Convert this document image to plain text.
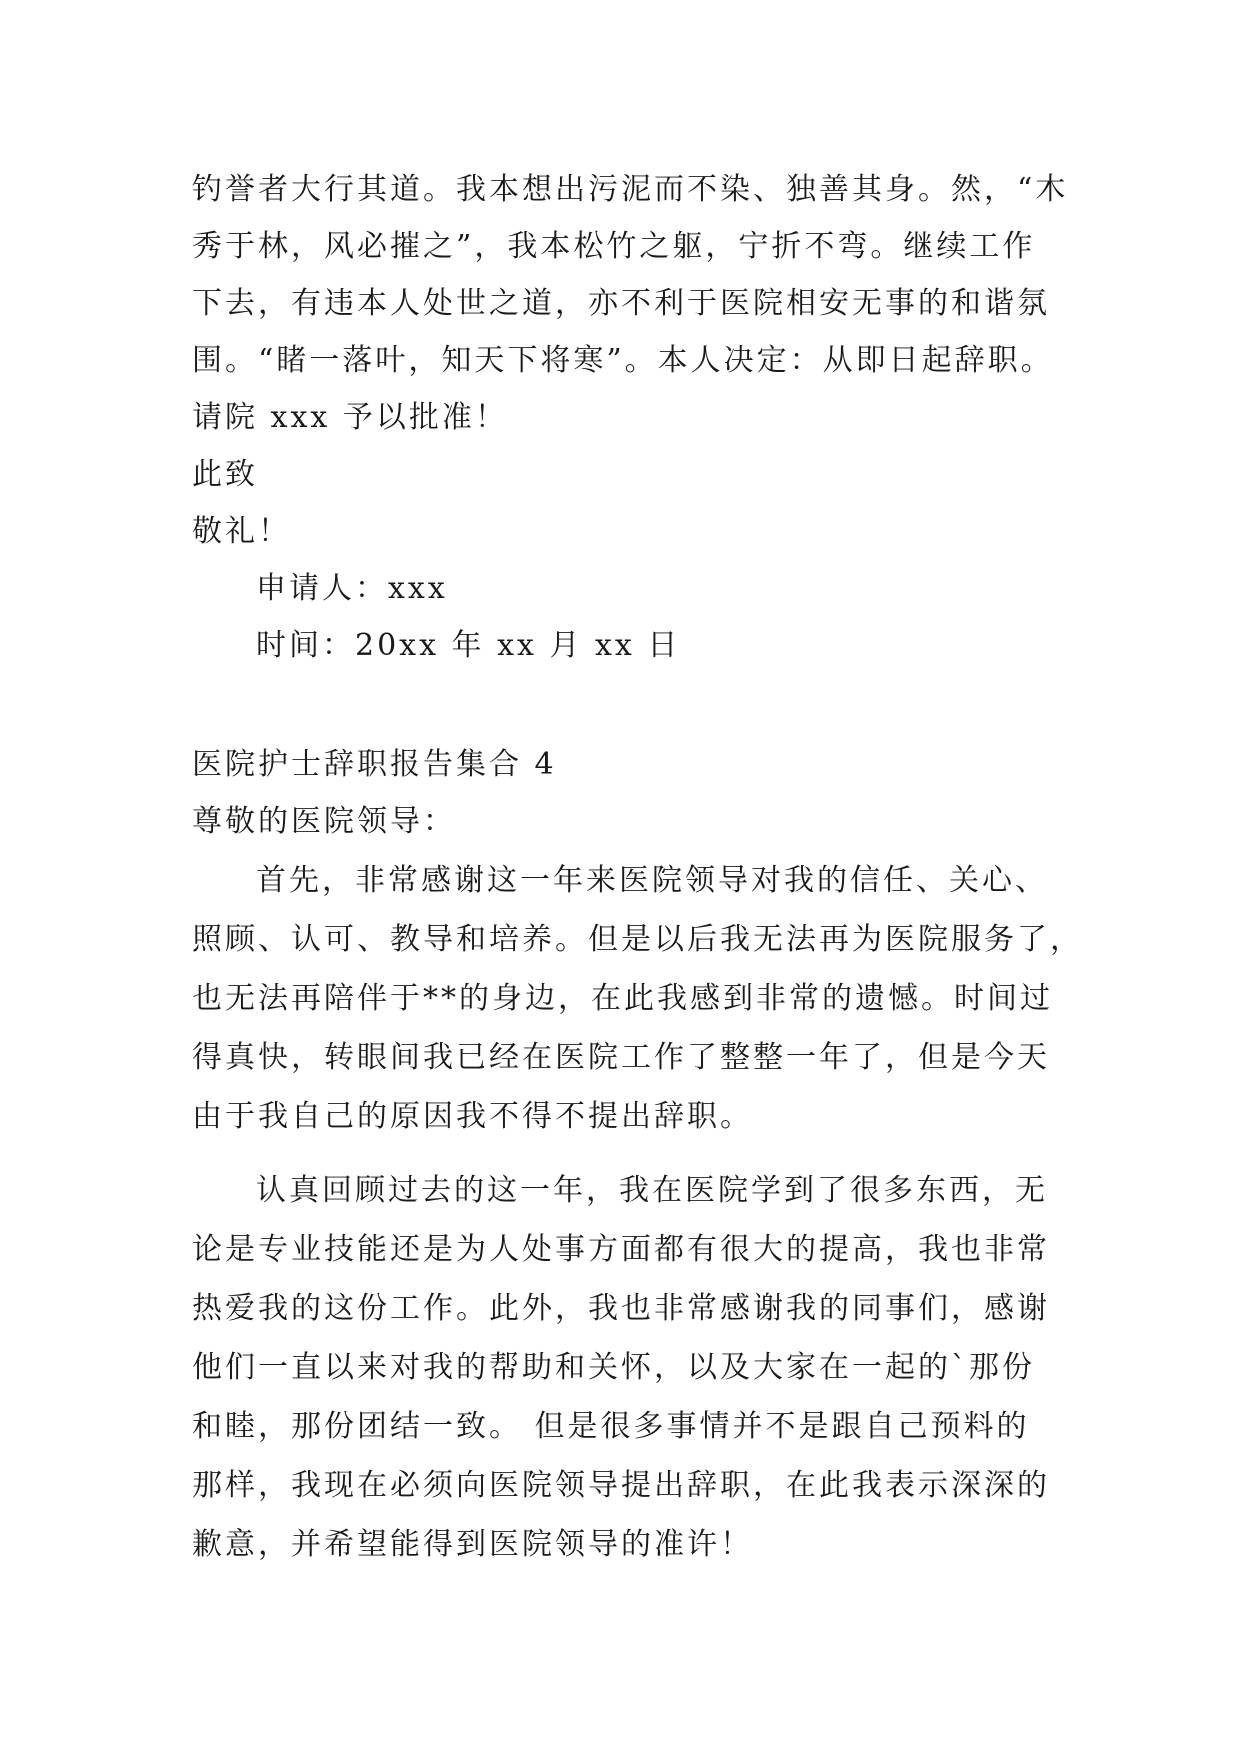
钓誉者大行其道。我本想出污泥而不染、独善其身。然，“木
秀于林，风必摧之”，我本松竹之躯，宁折不弯。继续工作
下去，有违本人处世之道，亦不利于医院相安无事的和谐氛
围。“睹一落叶，知天下将寒”。本人决定：从即日起辞职。
请院 xxx 予以批准！
此致
敬礼！
申请人：xxx
时间：20xx 年 xx 月 xx 日
医院护士辞职报告集合 4
尊敬的医院领导：
首先，非常感谢这一年来医院领导对我的信任、关心、
照顾、认可、教导和培养。但是以后我无法再为医院服务了，
也无法再陪伴于**的身边，在此我感到非常的遗憾。时间过
得真快，转眼间我已经在医院工作了整整一年了，但是今天
由于我自己的原因我不得不提出辞职。
认真回顾过去的这一年，我在医院学到了很多东西，无
论是专业技能还是为人处事方面都有很大的提高，我也非常
热爱我的这份工作。此外，我也非常感谢我的同事们，感谢
他们一直以来对我的帮助和关怀，以及大家在一起的`那份
和睦，那份团结一致。 但是很多事情并不是跟自己预料的
那样，我现在必须向医院领导提出辞职，在此我表示深深的
歉意，并希望能得到医院领导的准许！
